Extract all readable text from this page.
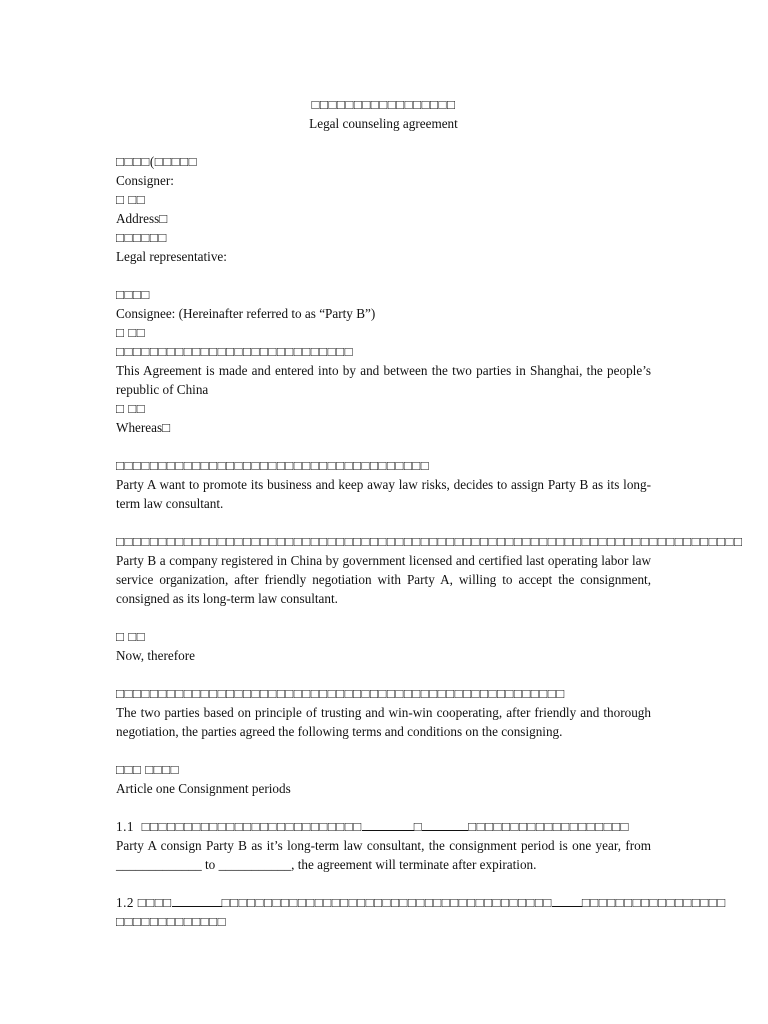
□□□□□□□□□□□□□□□□□
Legal counseling agreement
□□□□(□□□□□
Consigner:
□ □□
Address□
□□□□□□
Legal representative:
□□□□
Consignee: (Hereinafter referred to as “Party B”)
□ □□
□□□□□□□□□□□□□□□□□□□□□□□□□□□□
This Agreement is made and entered into by and between the two parties in Shanghai, the people’s republic of China
□ □□
Whereas□
□□□□□□□□□□□□□□□□□□□□□□□□□□□□□□□□□□□□□
Party A want to promote its business and keep away law risks, decides to assign Party B as its long-term law consultant.
□□□□□□□□□□□□□□□□□□□□□□□□□□□□□□□□□□□□□□□□□□□□□□□□□□□□□□□□□□□□□□□□□□□□□□□□□□
Party B a company registered in China by government licensed and certified last operating labor law service organization, after friendly negotiation with Party A, willing to accept the consignment, consigned as its long-term law consultant.
□ □□
Now, therefore
□□□□□□□□□□□□□□□□□□□□□□□□□□□□□□□□□□□□□□□□□□□□□□□□□□□□□
The two parties based on principle of trusting and win-win cooperating, after friendly and thorough negotiation, the parties agreed the following terms and conditions on the consigning.
□□□ □□□□
Article one Consignment periods
1.1 □□□□□□□□□□□□□□□□□□□□□□□□□□	□	□□□□□□□□□□□□□□□□□□□
Party A consign Party B as it’s long-term law consultant, the consignment period is one year, from _____________ to ___________, the agreement will terminate after expiration.
1.2 □□□□	□□□□□□□□□□□□□□□□□□□□□□□□□□□□□□□□□□□□□□□ □□□□□□□□□□□□□□□□□
□□□□□□□□□□□□□
